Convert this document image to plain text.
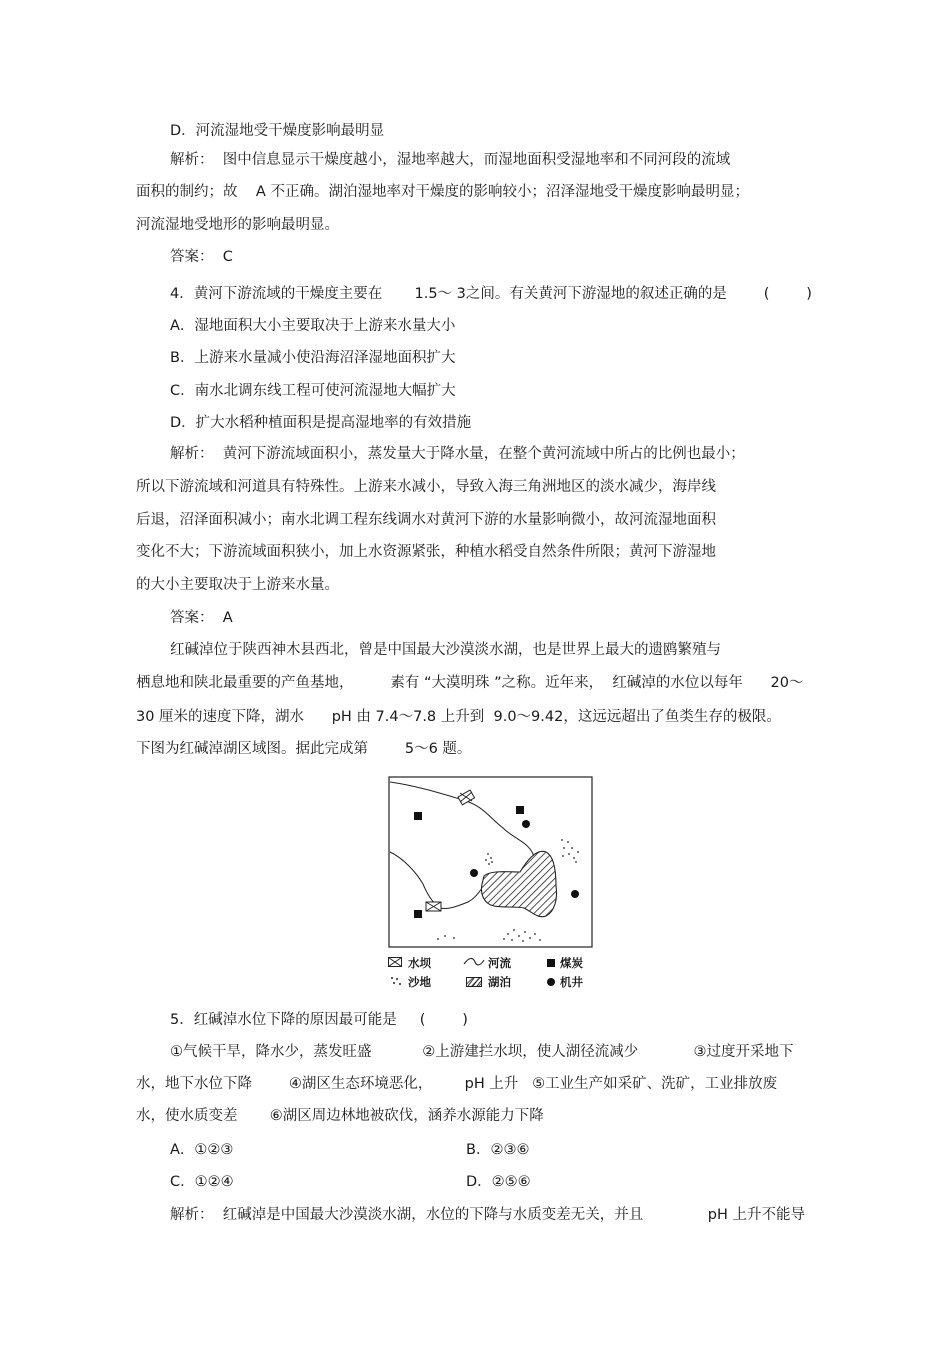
D．河流湿地受干燥度影响最明显
解析：  图中信息显示干燥度越小，湿地率越大，而湿地面积受湿地率和不同河段的流域
面积的制约；故    A 不正确。湖泊湿地率对干燥度的影响较小；沼泽湿地受干燥度影响最明显；
河流湿地受地形的影响最明显。
答案：  C
4．黄河下游流域的干燥度主要在       1.5～ 3之间。有关黄河下游湿地的叙述正确的是        (        )
A．湿地面积大小主要取决于上游来水量大小
B．上游来水量减小使沿海沼泽湿地面积扩大
C．南水北调东线工程可使河流湿地大幅扩大
D．扩大水稻种植面积是提高湿地率的有效措施
解析：  黄河下游流域面积小，蒸发量大于降水量，在整个黄河流域中所占的比例也最小；
所以下游流域和河道具有特殊性。上游来水减小，导致入海三角洲地区的淡水减少，海岸线
后退，沼泽面积减小；南水北调工程东线调水对黄河下游的水量影响微小，故河流湿地面积
变化不大；下游流域面积狭小，加上水资源紧张，种植水稻受自然条件所限；黄河下游湿地
的大小主要取决于上游来水量。
答案：  A
红碱淖位于陕西神木县西北，曾是中国最大沙漠淡水湖，也是世界上最大的遗鸥繁殖与
栖息地和陕北最重要的产鱼基地，        素有 “大漠明珠 ”之称。近年来，  红碱淖的水位以每年      20～
30 厘米的速度下降，湖水      pH 由 7.4～7.8 上升到  9.0～9.42，这远远超出了鱼类生存的极限。
下图为红碱淖湖区域图。据此完成第        5～6 题。
水坝	河流	煤炭
沙地	湖泊	机井
5．红碱淖水位下降的原因最可能是     (        )
①气候干旱，降水少，蒸发旺盛           ②上游建拦水坝，使人湖径流减少            ③过度开采地下
水，地下水位下降        ④湖区生态环境恶化，       pH 上升   ⑤工业生产如采矿、洗矿，工业排放废
水，使水质变差       ⑥湖区周边林地被砍伐，涵养水源能力下降
A．①②③	B．②③⑥
C．①②④	D．②⑤⑥
解析：  红碱淖是中国最大沙漠淡水湖，水位的下降与水质变差无关，并且              pH 上升不能导
